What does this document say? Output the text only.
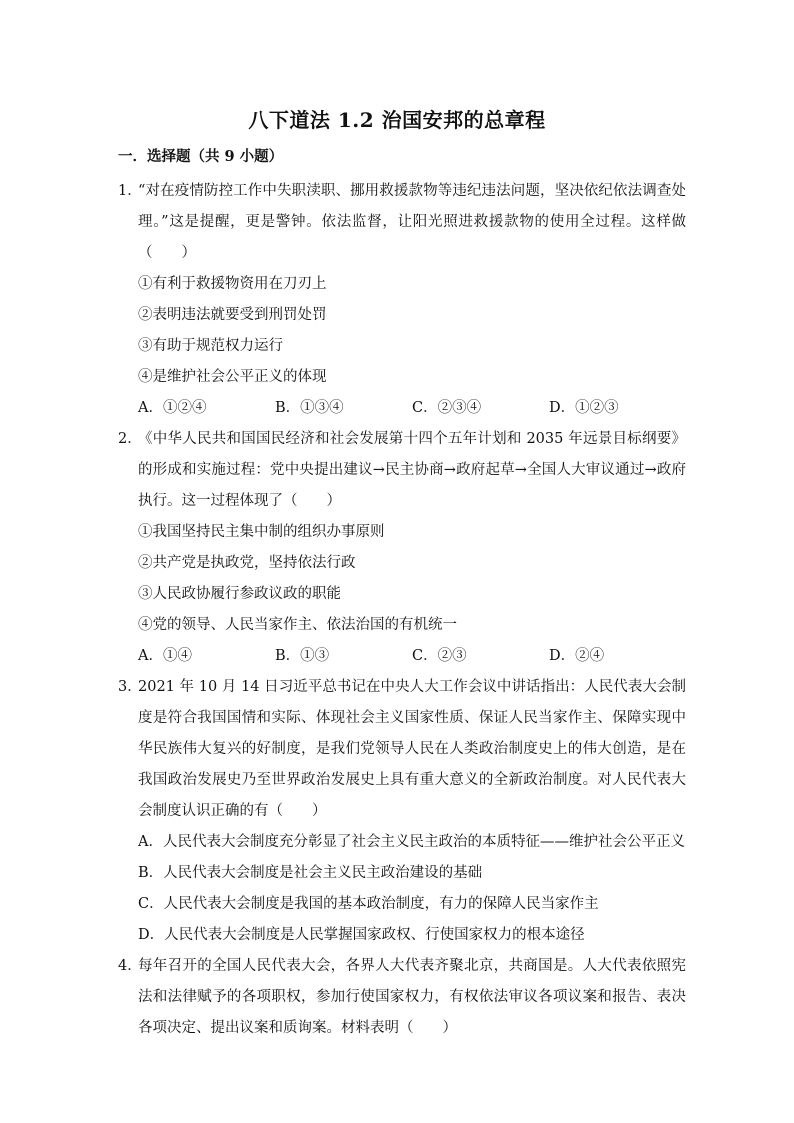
八下道法 1.2 治国安邦的总章程
一．选择题（共 9 小题）
1．
“对在疫情防控工作中失职渎职、挪用救援款物等违纪违法问题，坚决依纪依法调查处理。”这是提醒，更是警钟。依法监督，让阳光照进救援款物的使用全过程。这样做（　　）
①有利于救援物资用在刀刃上
②表明违法就要受到刑罚处罚
③有助于规范权力运行
④是维护社会公平正义的体现
A．①②④	B．①③④	C．②③④	D．①②③
2．
《中华人民共和国国民经济和社会发展第十四个五年计划和 2035 年远景目标纲要》的形成和实施过程：党中央提出建议→民主协商→政府起草→全国人大审议通过→政府执行。这一过程体现了（　　）
①我国坚持民主集中制的组织办事原则
②共产党是执政党，坚持依法行政
③人民政协履行参政议政的职能
④党的领导、人民当家作主、依法治国的有机统一
A．①④	B．①③	C．②③	D．②④
3．
2021 年 10 月 14 日习近平总书记在中央人大工作会议中讲话指出：人民代表大会制度是符合我国国情和实际、体现社会主义国家性质、保证人民当家作主、保障实现中华民族伟大复兴的好制度，是我们党领导人民在人类政治制度史上的伟大创造，是在我国政治发展史乃至世界政治发展史上具有重大意义的全新政治制度。对人民代表大会制度认识正确的有（　　）
A．人民代表大会制度充分彰显了社会主义民主政治的本质特征——维护社会公平正义
B．人民代表大会制度是社会主义民主政治建设的基础
C．人民代表大会制度是我国的基本政治制度，有力的保障人民当家作主
D．人民代表大会制度是人民掌握国家政权、行使国家权力的根本途径
4．
每年召开的全国人民代表大会，各界人大代表齐聚北京，共商国是。人大代表依照宪法和法律赋予的各项职权，参加行使国家权力，有权依法审议各项议案和报告、表决各项决定、提出议案和质询案。材料表明（　　）
